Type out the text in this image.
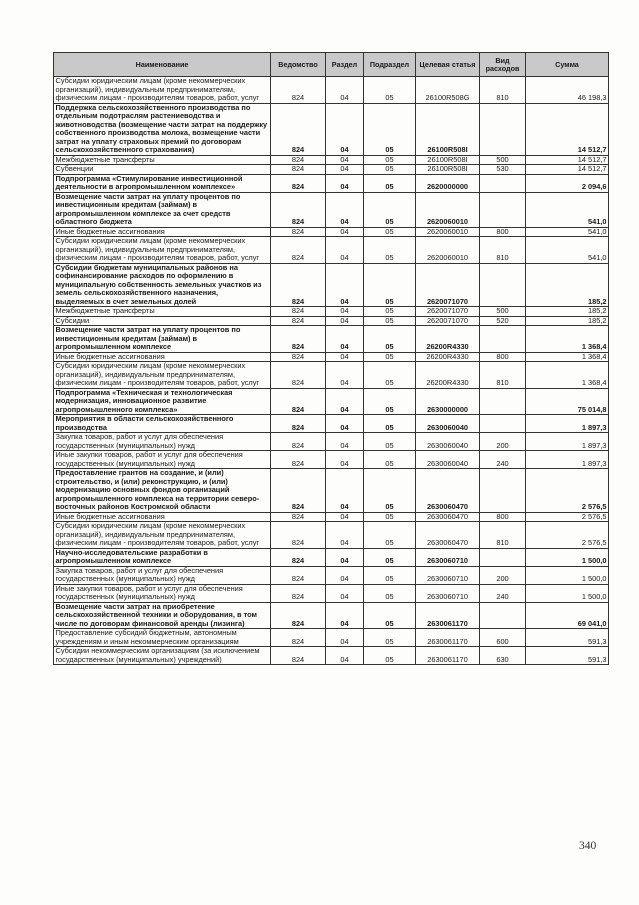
Наименование	Ведомство	Раздел	Подраздел	Целевая статья	Вид расходов	Сумма
Субсидии юридическим лицам (кроме некоммерческих организаций), индивидуальным предпринимателям, физическим лицам - производителям товаров, работ, услуг	824	04	05	26100R508G	810	46 198,3
Поддержка сельскохозяйственного производства по отдельным подотраслям растениеводства и животноводства (возмещение части затрат на поддержку собственного производства молока, возмещение части затрат на уплату страховых премий по договорам сельскохозяйственного страхования)	824	04	05	26100R508I		14 512,7
Межбюджетные трансферты	824	04	05	26100R508I	500	14 512,7
Субвенции	824	04	05	26100R508I	530	14 512,7
Подпрограмма «Стимулирование инвестиционной деятельности в агропромышленном комплексе»	824	04	05	2620000000		2 094,6
Возмещение части затрат на уплату процентов по инвестиционным кредитам (займам) в агропромышленном комплексе за счет средств областного бюджета	824	04	05	2620060010		541,0
Иные бюджетные ассигнования	824	04	05	2620060010	800	541,0
Субсидии юридическим лицам (кроме некоммерческих организаций), индивидуальным предпринимателям, физическим лицам - производителям товаров, работ, услуг	824	04	05	2620060010	810	541,0
Субсидии бюджетам муниципальных районов на софинансирование расходов по оформлению в муниципальную собственность земельных участков из земель сельскохозяйственного назначения, выделяемых в счет земельных долей	824	04	05	2620071070		185,2
Межбюджетные трансферты	824	04	05	2620071070	500	185,2
Субсидии	824	04	05	2620071070	520	185,2
Возмещение части затрат на уплату процентов по инвестиционным кредитам (займам) в агропромышленном комплексе	824	04	05	26200R4330		1 368,4
Иные бюджетные ассигнования	824	04	05	26200R4330	800	1 368,4
Субсидии юридическим лицам (кроме некоммерческих организаций), индивидуальным предпринимателям, физическим лицам - производителям товаров, работ, услуг	824	04	05	26200R4330	810	1 368,4
Подпрограмма «Техническая и технологическая модернизация, инновационное развитие агропромышленного комплекса»	824	04	05	2630000000		75 014,8
Мероприятия в области сельскохозяйственного производства	824	04	05	2630060040		1 897,3
Закупка товаров, работ и услуг для обеспечения государственных (муниципальных) нужд	824	04	05	2630060040	200	1 897,3
Иные закупки товаров, работ и услуг для обеспечения государственных (муниципальных) нужд	824	04	05	2630060040	240	1 897,3
Предоставление грантов на создание, и (или) строительство, и (или) реконструкцию, и (или) модернизацию основных фондов организаций агропромышленного комплекса на территории северо-восточных районов Костромской области	824	04	05	2630060470		2 576,5
Иные бюджетные ассигнования	824	04	05	2630060470	800	2 576,5
Субсидии юридическим лицам (кроме некоммерческих организаций), индивидуальным предпринимателям, физическим лицам - производителям товаров, работ, услуг	824	04	05	2630060470	810	2 576,5
Научно-исследовательские разработки в агропромышленном комплексе	824	04	05	2630060710		1 500,0
Закупка товаров, работ и услуг для обеспечения государственных (муниципальных) нужд	824	04	05	2630060710	200	1 500,0
Иные закупки товаров, работ и услуг для обеспечения государственных (муниципальных) нужд	824	04	05	2630060710	240	1 500,0
Возмещение части затрат на приобретение сельскохозяйственной техники и оборудования, в том числе по договорам финансовой аренды (лизинга)	824	04	05	2630061170		69 041,0
Предоставление субсидий бюджетным, автономным учреждениям и иным некоммерческим организациям	824	04	05	2630061170	600	591,3
Субсидии некоммерческим организациям (за исключением государственных (муниципальных) учреждений)	824	04	05	2630061170	630	591,3
340
